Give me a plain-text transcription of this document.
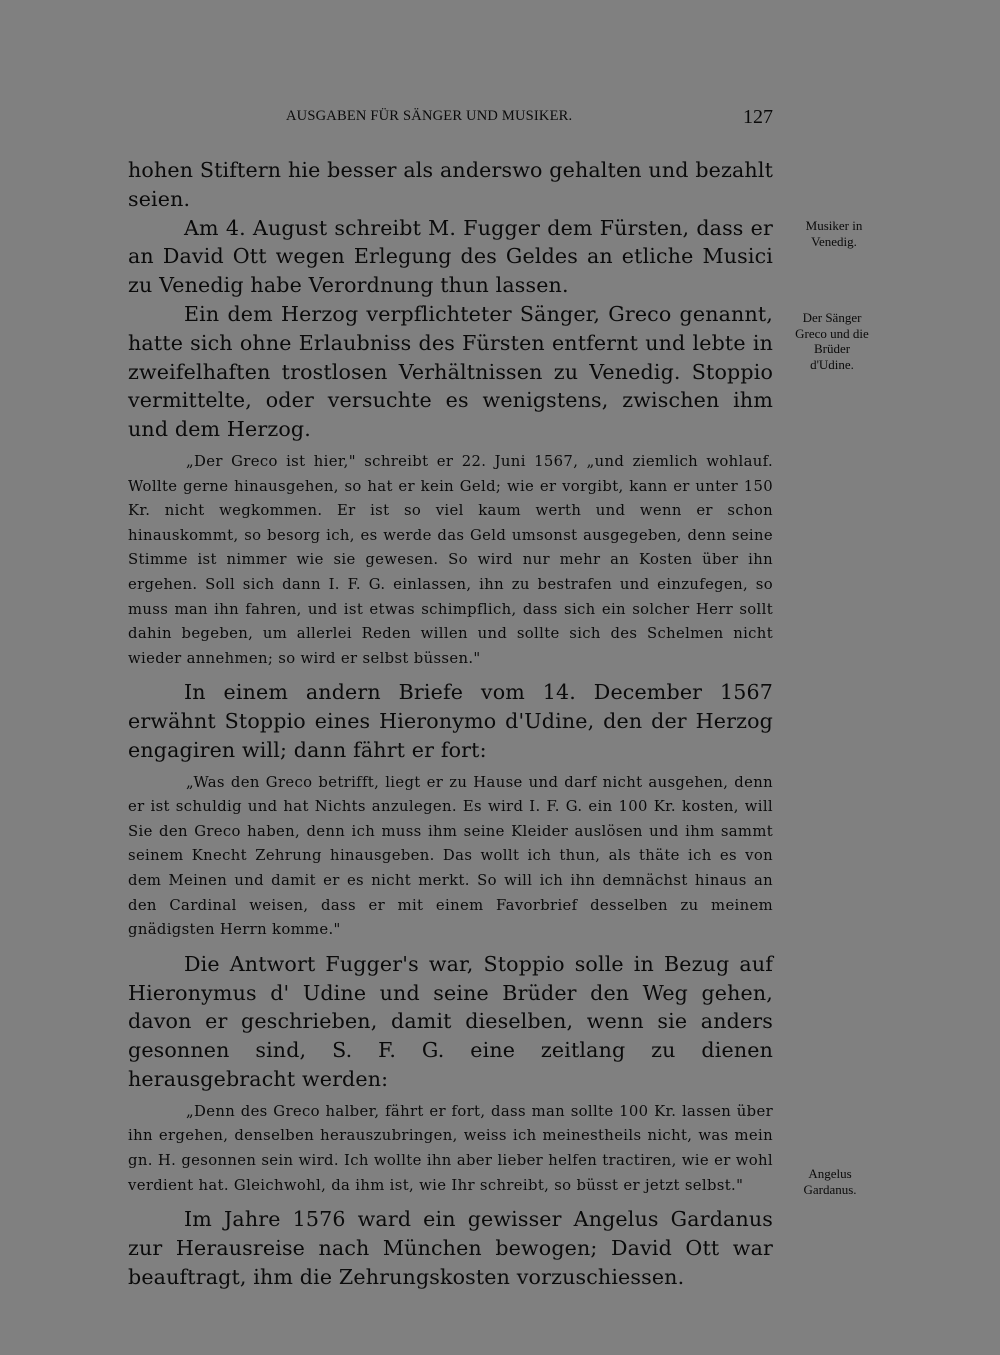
AUSGABEN FÜR SÄNGER UND MUSIKER.	127

hohen Stiftern hie besser als anderswo gehalten und bezahlt seien.

Am 4. August schreibt M. Fugger dem Fürsten, dass er an David Ott wegen Erlegung des Geldes an etliche Musici zu Venedig habe Verordnung thun lassen.

Ein dem Herzog verpflichteter Sänger, Greco genannt, hatte sich ohne Erlaubniss des Fürsten entfernt und lebte in zweifelhaften trostlosen Verhältnissen zu Venedig. Stoppio vermittelte, oder versuchte es wenigstens, zwischen ihm und dem Herzog.

„Der Greco ist hier," schreibt er 22. Juni 1567, „und ziemlich wohlauf. Wollte gerne hinausgehen, so hat er kein Geld; wie er vorgibt, kann er unter 150 Kr. nicht wegkommen. Er ist so viel kaum werth und wenn er schon hinauskommt, so besorg ich, es werde das Geld umsonst ausgegeben, denn seine Stimme ist nimmer wie sie gewesen. So wird nur mehr an Kosten über ihn ergehen. Soll sich dann I. F. G. einlassen, ihn zu bestrafen und einzufegen, so muss man ihn fahren, und ist etwas schimpflich, dass sich ein solcher Herr sollt dahin begeben, um allerlei Reden willen und sollte sich des Schelmen nicht wieder annehmen; so wird er selbst büssen."

In einem andern Briefe vom 14. December 1567 erwähnt Stoppio eines Hieronymo d'Udine, den der Herzog engagiren will; dann fährt er fort:

„Was den Greco betrifft, liegt er zu Hause und darf nicht ausgehen, denn er ist schuldig und hat Nichts anzulegen. Es wird I. F. G. ein 100 Kr. kosten, will Sie den Greco haben, denn ich muss ihm seine Kleider auslösen und ihm sammt seinem Knecht Zehrung hinausgeben. Das wollt ich thun, als thäte ich es von dem Meinen und damit er es nicht merkt. So will ich ihn demnächst hinaus an den Cardinal weisen, dass er mit einem Favorbrief desselben zu meinem gnädigsten Herrn komme."

Die Antwort Fugger's war, Stoppio solle in Bezug auf Hieronymus d' Udine und seine Brüder den Weg gehen, davon er geschrieben, damit dieselben, wenn sie anders gesonnen sind, S. F. G. eine zeitlang zu dienen herausgebracht werden:

„Denn des Greco halber, fährt er fort, dass man sollte 100 Kr. lassen über ihn ergehen, denselben herauszubringen, weiss ich meinestheils nicht, was mein gn. H. gesonnen sein wird. Ich wollte ihn aber lieber helfen tractiren, wie er wohl verdient hat. Gleichwohl, da ihm ist, wie Ihr schreibt, so büsst er jetzt selbst."

Im Jahre 1576 ward ein gewisser Angelus Gardanus zur Herausreise nach München bewogen; David Ott war beauftragt, ihm die Zehrungskosten vorzuschiessen.

Musiker in
Venedig.
Der Sänger
Greco und die
Brüder
d'Udine.
Angelus
Gardanus.
